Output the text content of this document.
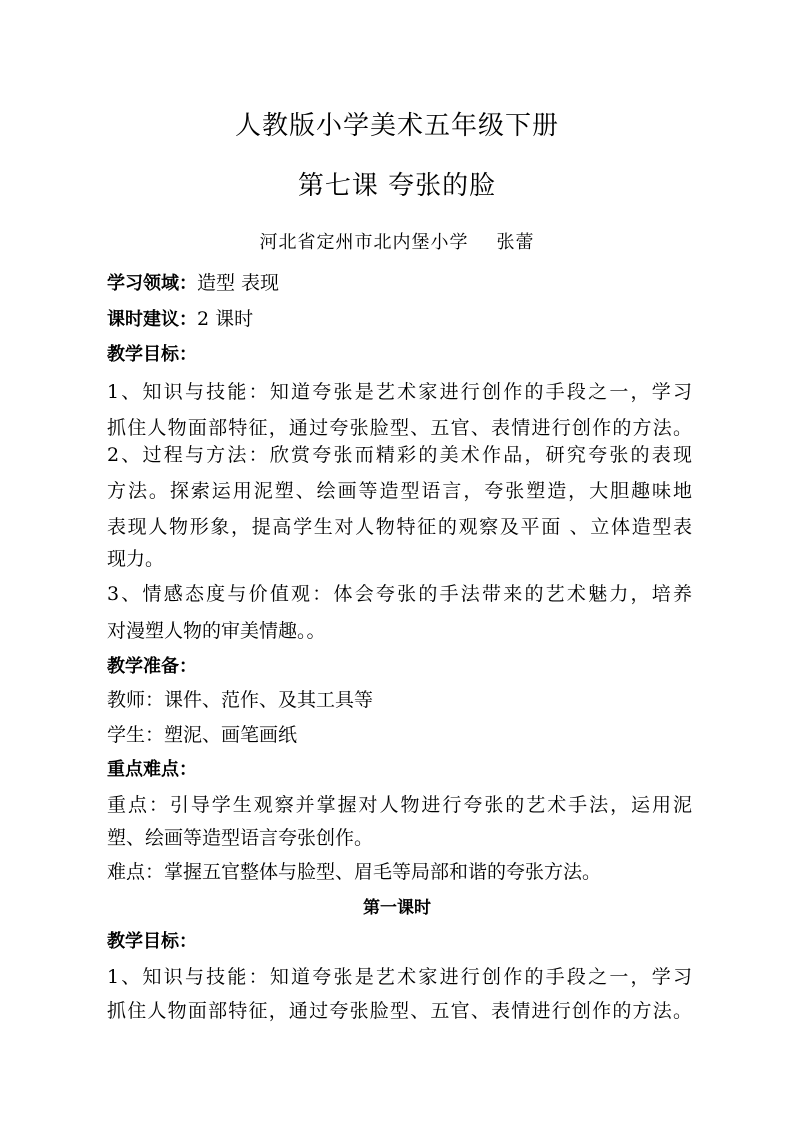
人教版小学美术五年级下册
第七课 夸张的脸
河北省定州市北内堡小学 张蕾
学习领域：造型 表现
课时建议：2 课时
教学目标：
1、知识与技能：知道夸张是艺术家进行创作的手段之一，学习
抓住人物面部特征，通过夸张脸型、五官、表情进行创作的方法。
2、过程与方法：欣赏夸张而精彩的美术作品，研究夸张的表现
方法。探索运用泥塑、绘画等造型语言，夸张塑造，大胆趣味地
表现人物形象，提高学生对人物特征的观察及平面 、立体造型表
现力。
3、情感态度与价值观：体会夸张的手法带来的艺术魅力，培养
对漫塑人物的审美情趣。。
教学准备：
教师：课件、范作、及其工具等
学生：塑泥、画笔画纸
重点难点：
重点：引导学生观察并掌握对人物进行夸张的艺术手法，运用泥
塑、绘画等造型语言夸张创作。
难点：掌握五官整体与脸型、眉毛等局部和谐的夸张方法。
第一课时
教学目标：
1、知识与技能：知道夸张是艺术家进行创作的手段之一，学习
抓住人物面部特征，通过夸张脸型、五官、表情进行创作的方法。
